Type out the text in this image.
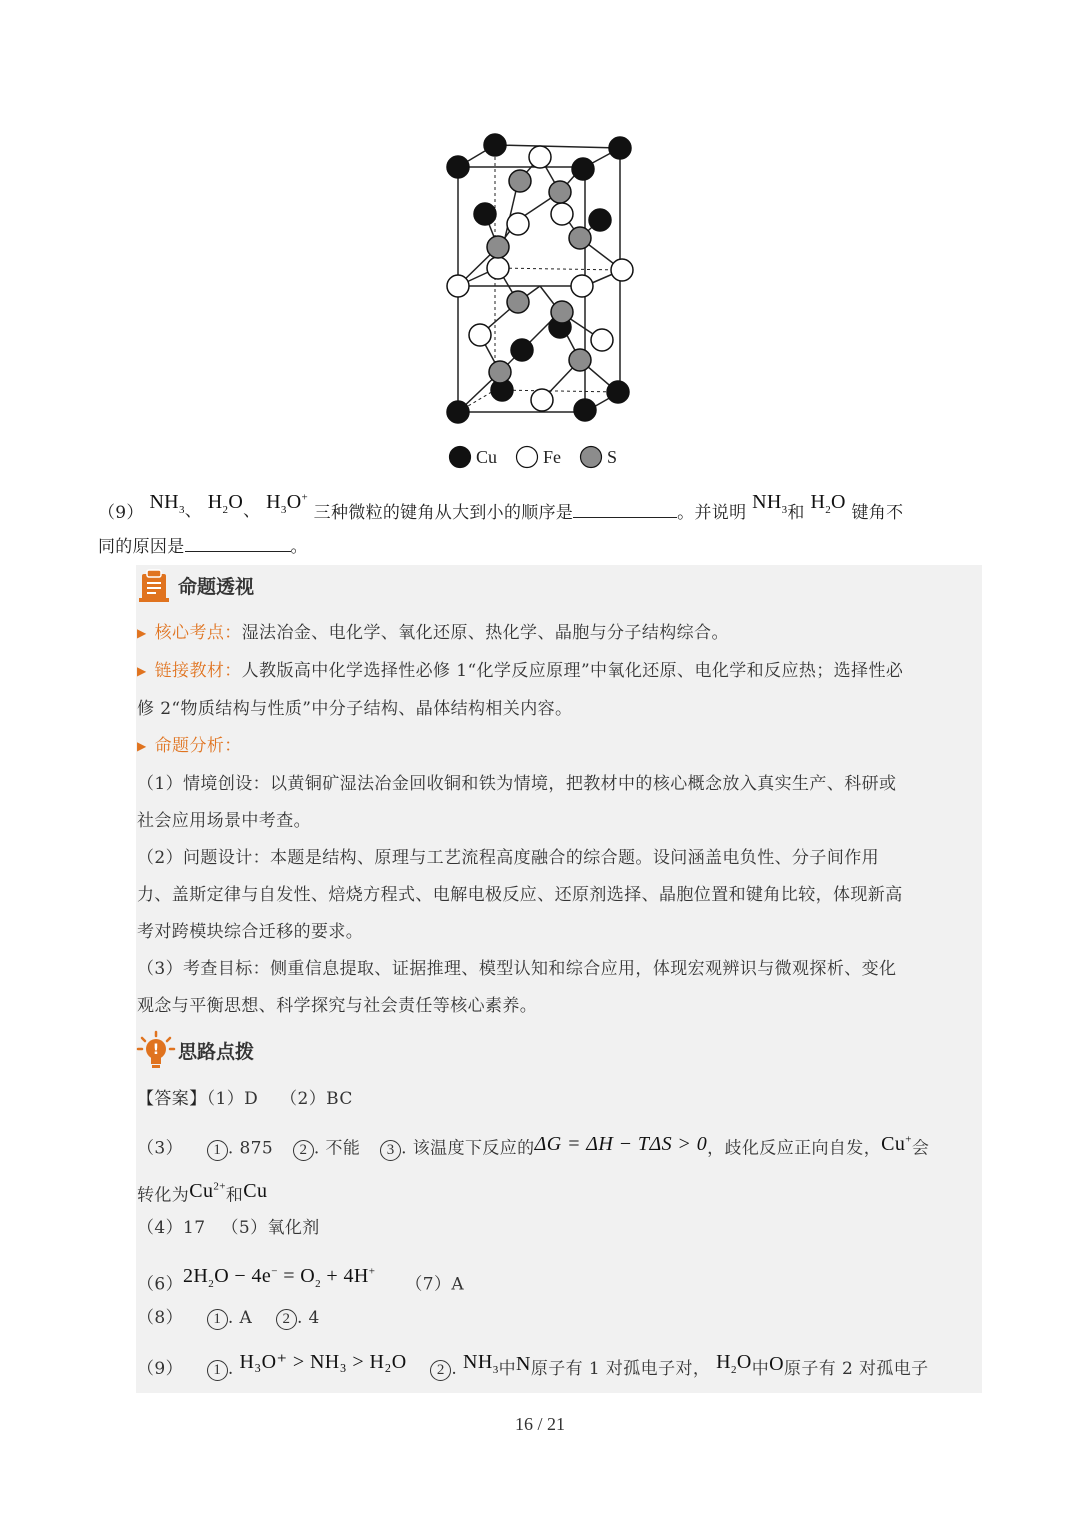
Cu
	Fe
	S
（9） $NH_3$、 $H_2O$、 $H_3O^+$ 三种微粒的键角从大到小的顺序是	。并说明 $NH_3$和 $H_2O$ 键角不
同的原因是	。
命题透视
▶ 核心考点：湿法冶金、电化学、氧化还原、热化学、晶胞与分子结构综合。
▶ 链接教材：人教版高中化学选择性必修 1“化学反应原理”中氧化还原、电化学和反应热；选择性必
修 2“物质结构与性质”中分子结构、晶体结构相关内容。
▶ 命题分析：
（1）情境创设：以黄铜矿湿法冶金回收铜和铁为情境，把教材中的核心概念放入真实生产、科研或
社会应用场景中考查。
（2）问题设计：本题是结构、原理与工艺流程高度融合的综合题。设问涵盖电负性、分子间作用
力、盖斯定律与自发性、焙烧方程式、电解电极反应、还原剂选择、晶胞位置和键角比较，体现新高
考对跨模块综合迁移的要求。
（3）考查目标：侧重信息提取、证据推理、模型认知和综合应用，体现宏观辨识与微观探析、变化
观念与平衡思想、科学探究与社会责任等核心素养。
! 思路点拨
【答案】（1）D （2）BC
（3） 1 . 875 2 . 不能 3 . 该温度下反应的ΔG = ΔH − TΔS > 0，歧化反应正向自发，Cu+会
转化为$Cu^{2+}$和Cu
（4）17 （5）氧化剂
$(6)2H_2O - 4e^- = O_2 + 4H^+(7)A$
（8） 1 . A 2 . 4
（9） 1 . H₃O⁺ > NH₃ > H₂O 2 . $NH_3$中N原子有 1 对孤电子对， $H_2O$中O原子有 2 对孤电子
16 / 21
